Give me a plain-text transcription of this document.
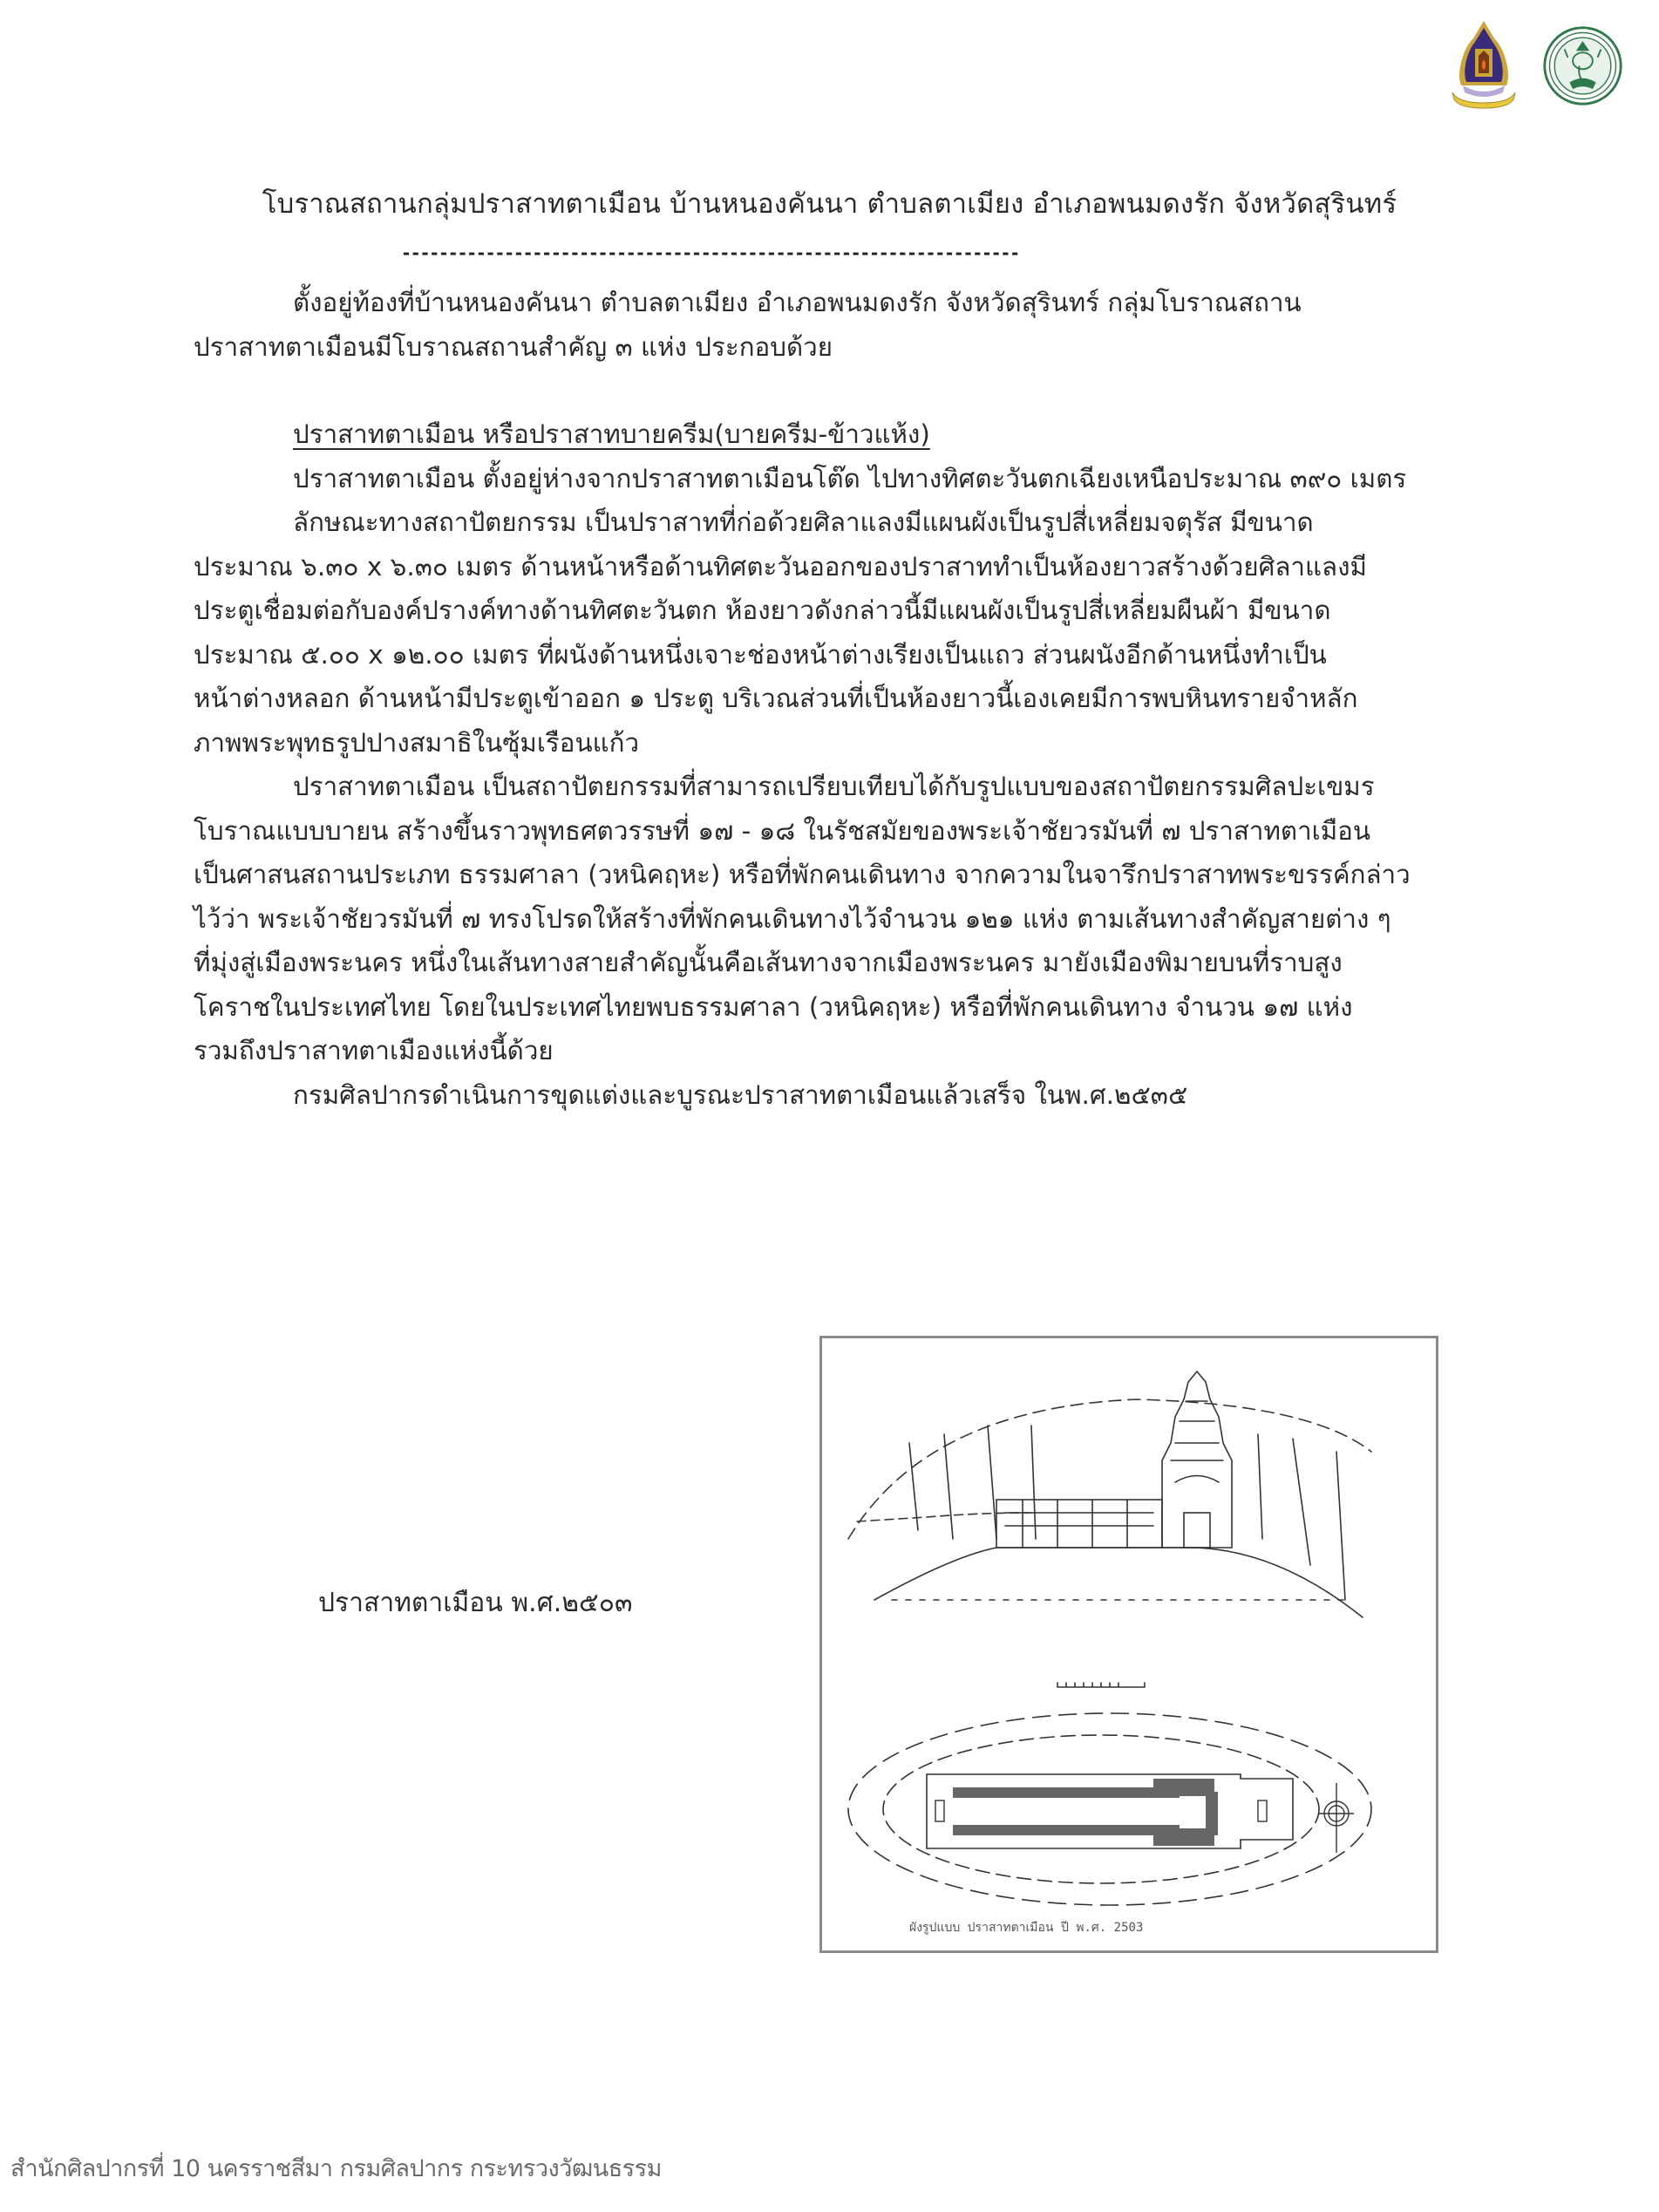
โบราณสถานกลุ่มปราสาทตาเมือน บ้านหนองคันนา ตำบลตาเมียง อำเภอพนมดงรัก จังหวัดสุรินทร์
------------------------------------------------------------------
ตั้งอยู่ท้องที่บ้านหนองคันนา ตำบลตาเมียง อำเภอพนมดงรัก จังหวัดสุรินทร์ กลุ่มโบราณสถาน
ปราสาทตาเมือนมีโบราณสถานสำคัญ ๓ แห่ง ประกอบด้วย
ปราสาทตาเมือน หรือปราสาทบายครีม(บายครีม-ข้าวแห้ง)
ปราสาทตาเมือน ตั้งอยู่ห่างจากปราสาทตาเมือนโต๊ด ไปทางทิศตะวันตกเฉียงเหนือประมาณ ๓๙๐ เมตร
ลักษณะทางสถาปัตยกรรม เป็นปราสาทที่ก่อด้วยศิลาแลงมีแผนผังเป็นรูปสี่เหลี่ยมจตุรัส มีขนาด
ประมาณ ๖.๓๐ x ๖.๓๐ เมตร ด้านหน้าหรือด้านทิศตะวันออกของปราสาททำเป็นห้องยาวสร้างด้วยศิลาแลงมี
ประตูเชื่อมต่อกับองค์ปรางค์ทางด้านทิศตะวันตก ห้องยาวดังกล่าวนี้มีแผนผังเป็นรูปสี่เหลี่ยมผืนผ้า มีขนาด
ประมาณ ๕.๐๐ x ๑๒.๐๐ เมตร ที่ผนังด้านหนึ่งเจาะช่องหน้าต่างเรียงเป็นแถว ส่วนผนังอีกด้านหนึ่งทำเป็น
หน้าต่างหลอก ด้านหน้ามีประตูเข้าออก ๑ ประตู บริเวณส่วนที่เป็นห้องยาวนี้เองเคยมีการพบหินทรายจำหลัก
ภาพพระพุทธรูปปางสมาธิในซุ้มเรือนแก้ว
ปราสาทตาเมือน เป็นสถาปัตยกรรมที่สามารถเปรียบเทียบได้กับรูปแบบของสถาปัตยกรรมศิลปะเขมร
โบราณแบบบายน สร้างขึ้นราวพุทธศตวรรษที่ ๑๗ - ๑๘ ในรัชสมัยของพระเจ้าชัยวรมันที่ ๗ ปราสาทตาเมือน
เป็นศาสนสถานประเภท ธรรมศาลา (วหนิคฤหะ) หรือที่พักคนเดินทาง จากความในจารึกปราสาทพระขรรค์กล่าว
ไว้ว่า พระเจ้าชัยวรมันที่ ๗ ทรงโปรดให้สร้างที่พักคนเดินทางไว้จำนวน ๑๒๑ แห่ง ตามเส้นทางสำคัญสายต่าง ๆ
ที่มุ่งสู่เมืองพระนคร หนึ่งในเส้นทางสายสำคัญนั้นคือเส้นทางจากเมืองพระนคร มายังเมืองพิมายบนที่ราบสูง
โคราชในประเทศไทย โดยในประเทศไทยพบธรรมศาลา (วหนิคฤหะ) หรือที่พักคนเดินทาง จำนวน ๑๗ แห่ง
รวมถึงปราสาทตาเมืองแห่งนี้ด้วย
กรมศิลปากรดำเนินการขุดแต่งและบูรณะปราสาทตาเมือนแล้วเสร็จ ในพ.ศ.๒๕๓๕
ปราสาทตาเมือน พ.ศ.๒๕๐๓
ผังรูปแบบ ปราสาทตาเมือน ปี พ.ศ. 2503
สำนักศิลปากรที่ 10 นครราชสีมา กรมศิลปากร กระทรวงวัฒนธรรม
